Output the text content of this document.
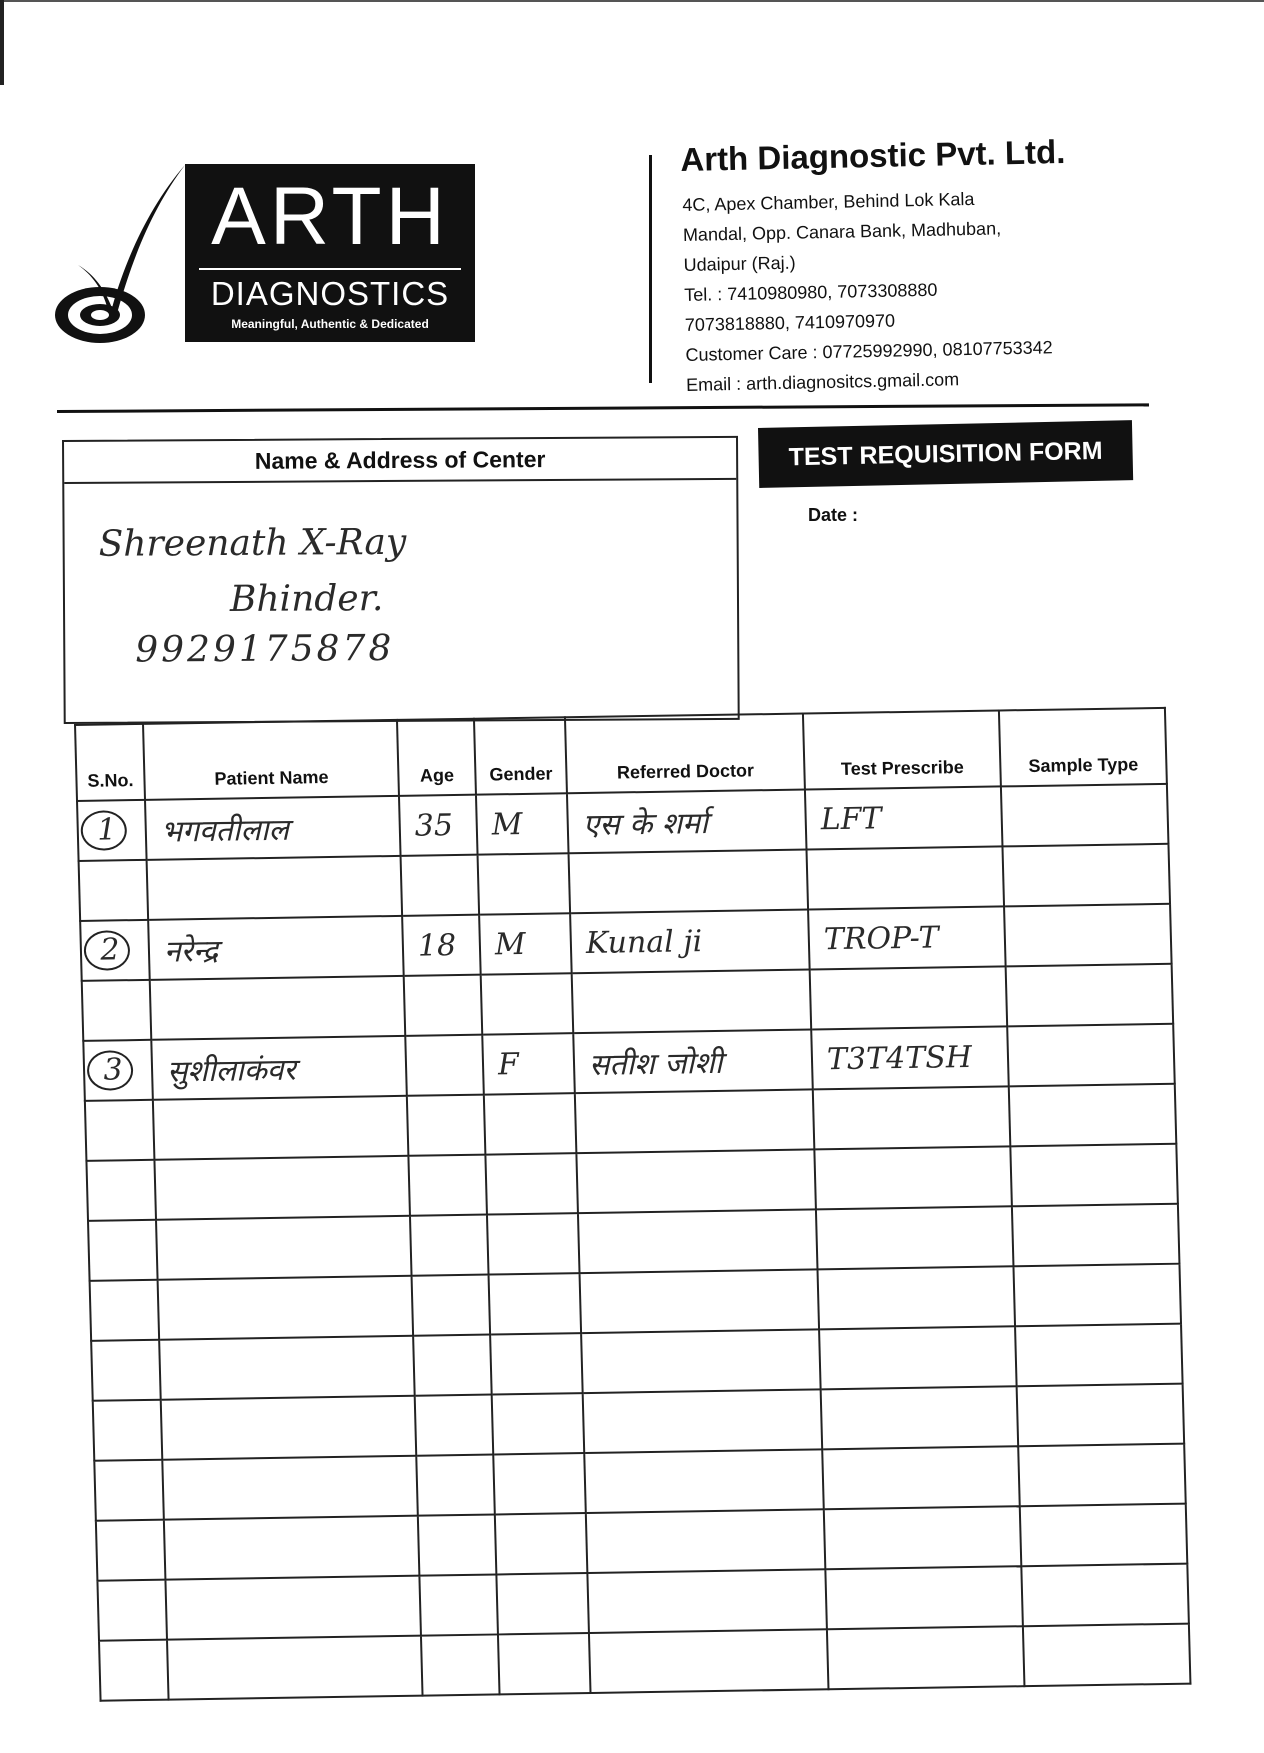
ARTH
DIAGNOSTICS
Meaningful, Authentic & Dedicated
Arth Diagnostic Pvt. Ltd.
4C, Apex Chamber, Behind Lok Kala
Mandal, Opp. Canara Bank, Madhuban,
Udaipur (Raj.)
Tel. : 7410980980, 7073308880
7073818880, 7410970970
Customer Care : 07725992990, 08107753342
Email : arth.diagnositcs.gmail.com
Name & Address of Center
Shreenath X-Ray
Bhinder.
9929175878
TEST REQUISITION FORM
Date :
S.No.	Patient Name	Age	Gender	Referred Doctor	Test Prescribe	Sample Type
1	भगवतीलाल	35	M	एस के शर्मा	LFT	

2	नरेन्द्र	18	M	Kunal ji	TROP-T	

3	सुशीलाकंवर		F	सतीश जोशी	T3T4TSH	
